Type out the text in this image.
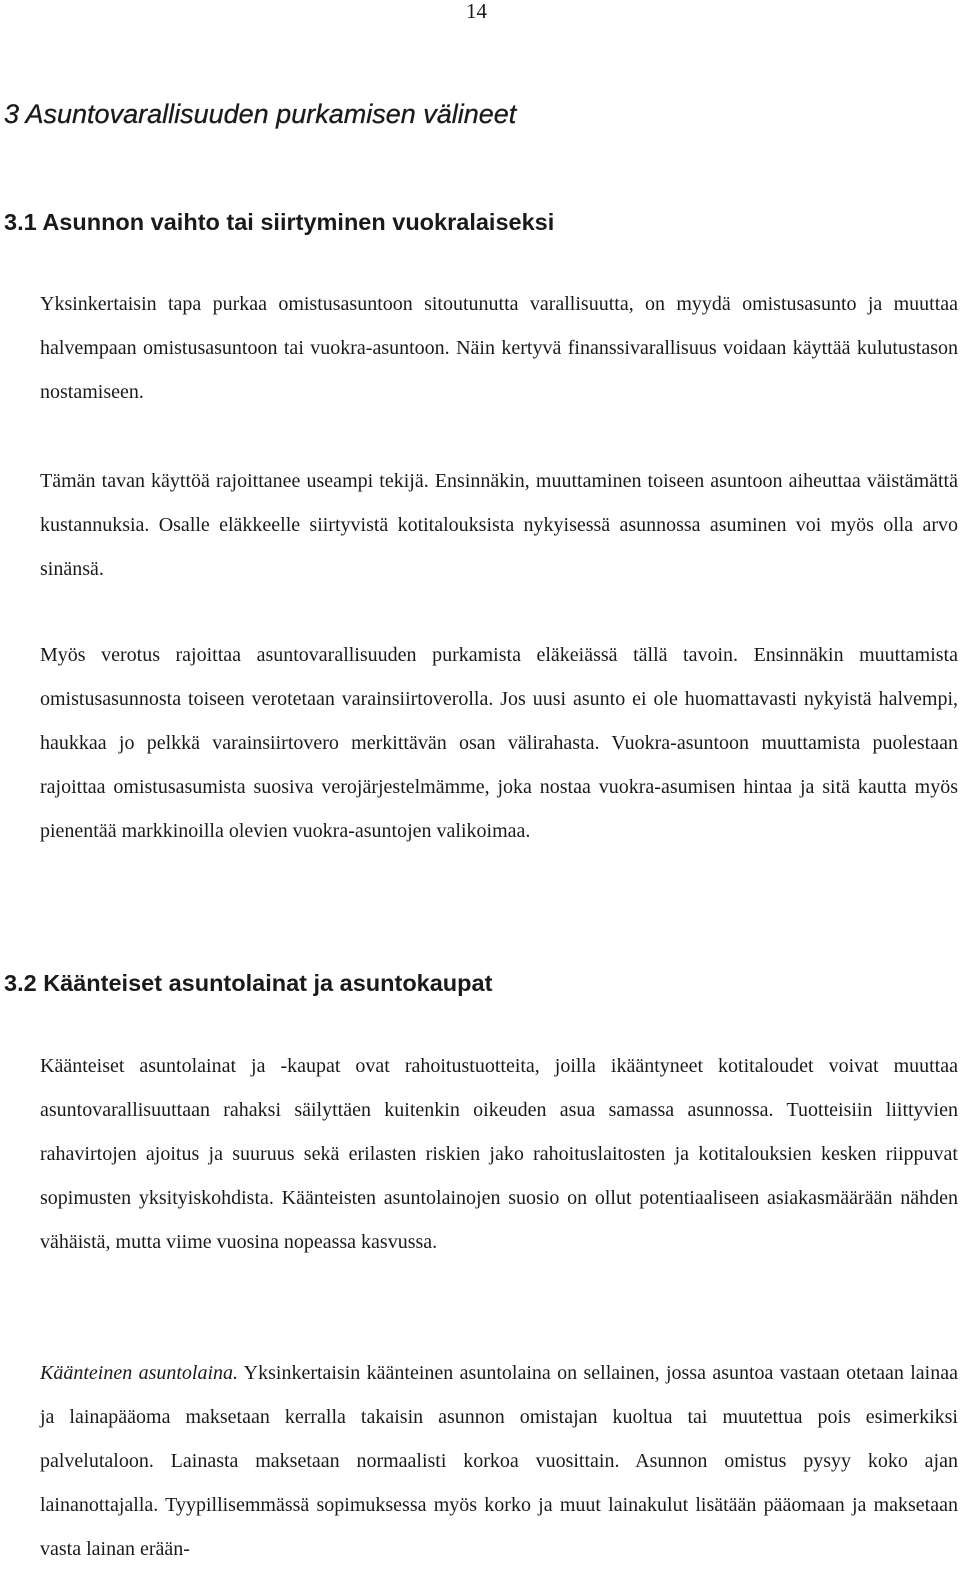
14
3 Asuntovarallisuuden purkamisen välineet
3.1 Asunnon vaihto tai siirtyminen vuokralaiseksi

Yksinkertaisin tapa purkaa omistusasuntoon sitoutunutta varallisuutta, on myydä omistusasunto ja muuttaa halvempaan omistusasuntoon tai vuokra-asuntoon. Näin kertyvä finanssivarallisuus voidaan käyttää kulutustason nostamiseen.

Tämän tavan käyttöä rajoittanee useampi tekijä. Ensinnäkin, muuttaminen toiseen asuntoon aiheuttaa väistämättä kustannuksia. Osalle eläkkeelle siirtyvistä kotitalouksista nykyisessä asunnossa asuminen voi myös olla arvo sinänsä.

Myös verotus rajoittaa asuntovarallisuuden purkamista eläkeiässä tällä tavoin. Ensinnäkin muuttamista omistusasunnosta toiseen verotetaan varainsiirtoverolla. Jos uusi asunto ei ole huomattavasti nykyistä halvempi, haukkaa jo pelkkä varainsiirtovero merkittävän osan välirahasta. Vuokra-asuntoon muuttamista puolestaan rajoittaa omistusasumista suosiva verojärjestelmämme, joka nostaa vuokra-asumisen hintaa ja sitä kautta myös pienentää markkinoilla olevien vuokra-asuntojen valikoimaa.

3.2 Käänteiset asuntolainat ja asuntokaupat

Käänteiset asuntolainat ja -kaupat ovat rahoitustuotteita, joilla ikääntyneet kotitaloudet voivat muuttaa asuntovarallisuuttaan rahaksi säilyttäen kuitenkin oikeuden asua samassa asunnossa. Tuotteisiin liittyvien rahavirtojen ajoitus ja suuruus sekä erilasten riskien jako rahoituslaitosten ja kotitalouksien kesken riippuvat sopimusten yksityiskohdista. Käänteisten asuntolainojen suosio on ollut potentiaaliseen asiakasmäärään nähden vähäistä, mutta viime vuosina nopeassa kasvussa.

Käänteinen asuntolaina. Yksinkertaisin käänteinen asuntolaina on sellainen, jossa asuntoa vastaan otetaan lainaa ja lainapääoma maksetaan kerralla takaisin asunnon omistajan kuoltua tai muutettua pois esimerkiksi palvelutaloon. Lainasta maksetaan normaalisti korkoa vuosittain. Asunnon omistus pysyy koko ajan lainanottajalla. Tyypillisemmässä sopimuksessa myös korko ja muut lainakulut lisätään pääomaan ja maksetaan vasta lainan erään-
